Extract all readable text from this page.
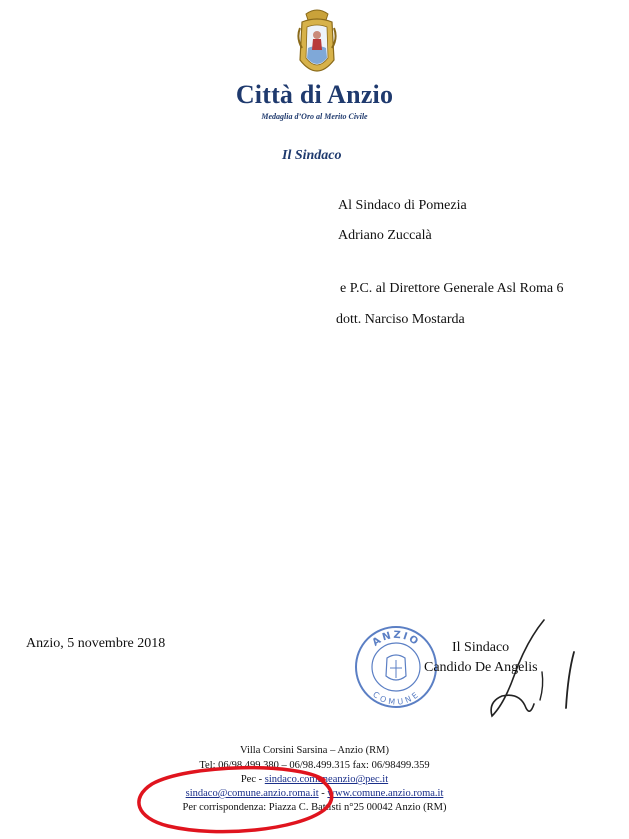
Città di Anzio
Medaglia d’Oro al Merito Civile
Il Sindaco
Al Sindaco di Pomezia
Adriano Zuccalà
e P.C. al Direttore Generale Asl Roma 6
dott. Narciso Mostarda
Anzio, 5 novembre 2018	ANZIO
COMUNE
Il Sindaco
Candido De Angelis
Villa Corsini Sarsina – Anzio (RM)
Tel: 06/98.499.380 – 06/98.499.315 fax: 06/98499.359
Pec - sindaco.comuneanzio@pec.it
sindaco@comune.anzio.roma.it - www.comune.anzio.roma.it
Per corrispondenza: Piazza C. Battisti n°25 00042 Anzio (RM)
